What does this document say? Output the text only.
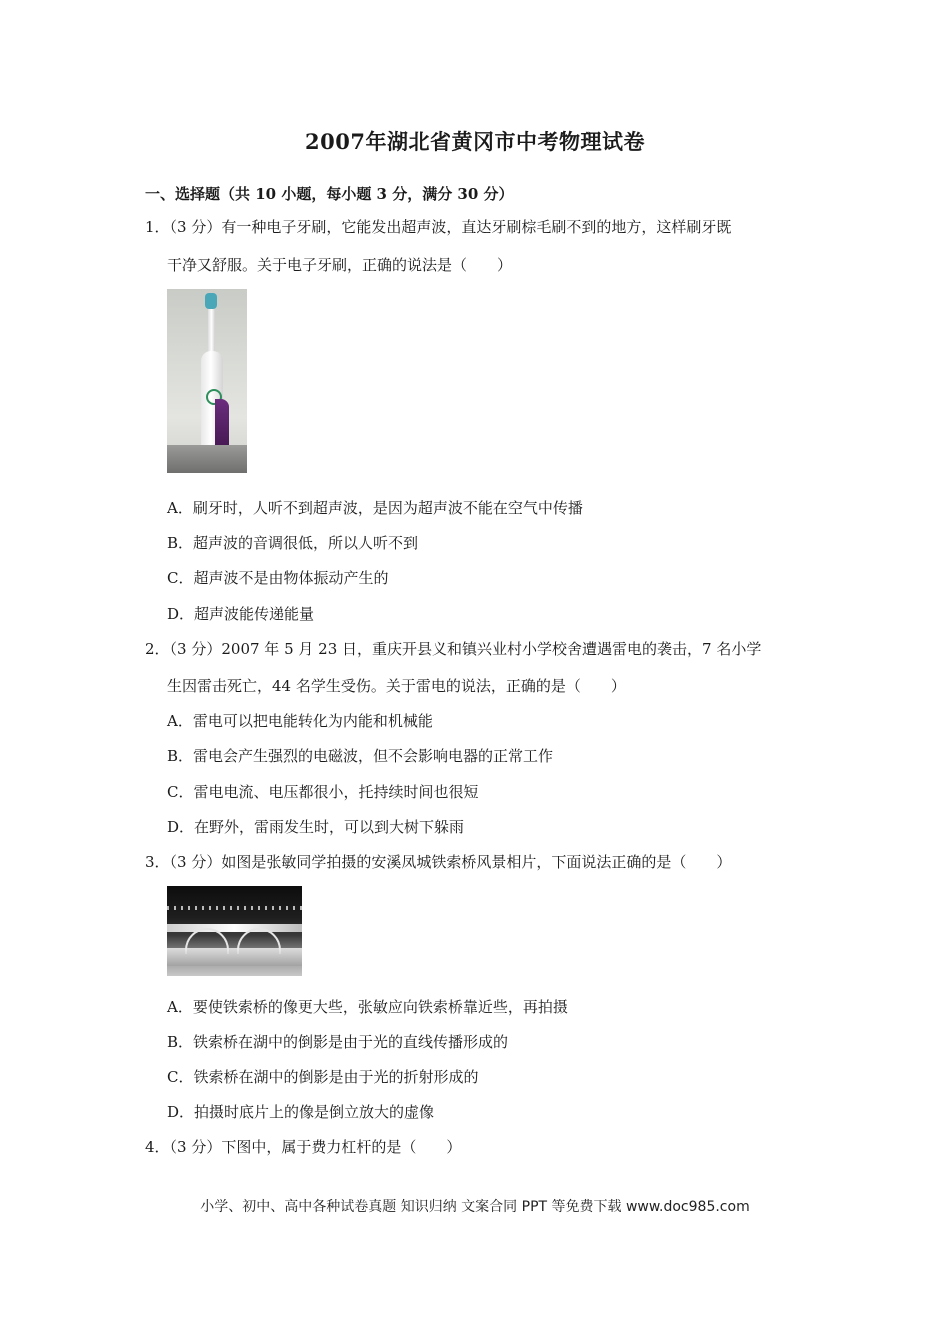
2007年湖北省黄冈市中考物理试卷
一、选择题（共 10 小题，每小题 3 分，满分 30 分）
1．（3 分）有一种电子牙刷，它能发出超声波，直达牙刷棕毛刷不到的地方，这样刷牙既
干净又舒服。关于电子牙刷，正确的说法是（　　）
A．刷牙时，人听不到超声波，是因为超声波不能在空气中传播
B．超声波的音调很低，所以人听不到
C．超声波不是由物体振动产生的
D．超声波能传递能量
2．（3 分）2007 年 5 月 23 日，重庆开县义和镇兴业村小学校舍遭遇雷电的袭击，7 名小学
生因雷击死亡，44 名学生受伤。关于雷电的说法，正确的是（　　）
A．雷电可以把电能转化为内能和机械能
B．雷电会产生强烈的电磁波，但不会影响电器的正常工作
C．雷电电流、电压都很小，托持续时间也很短
D．在野外，雷雨发生时，可以到大树下躲雨
3．（3 分）如图是张敏同学拍摄的安溪凤城铁索桥风景相片，下面说法正确的是（　　）
A．要使铁索桥的像更大些，张敏应向铁索桥靠近些，再拍摄
B．铁索桥在湖中的倒影是由于光的直线传播形成的
C．铁索桥在湖中的倒影是由于光的折射形成的
D．拍摄时底片上的像是倒立放大的虚像
4．（3 分）下图中，属于费力杠杆的是（　　）
小学、初中、高中各种试卷真题 知识归纳 文案合同 PPT 等免费下载 www.doc985.com
